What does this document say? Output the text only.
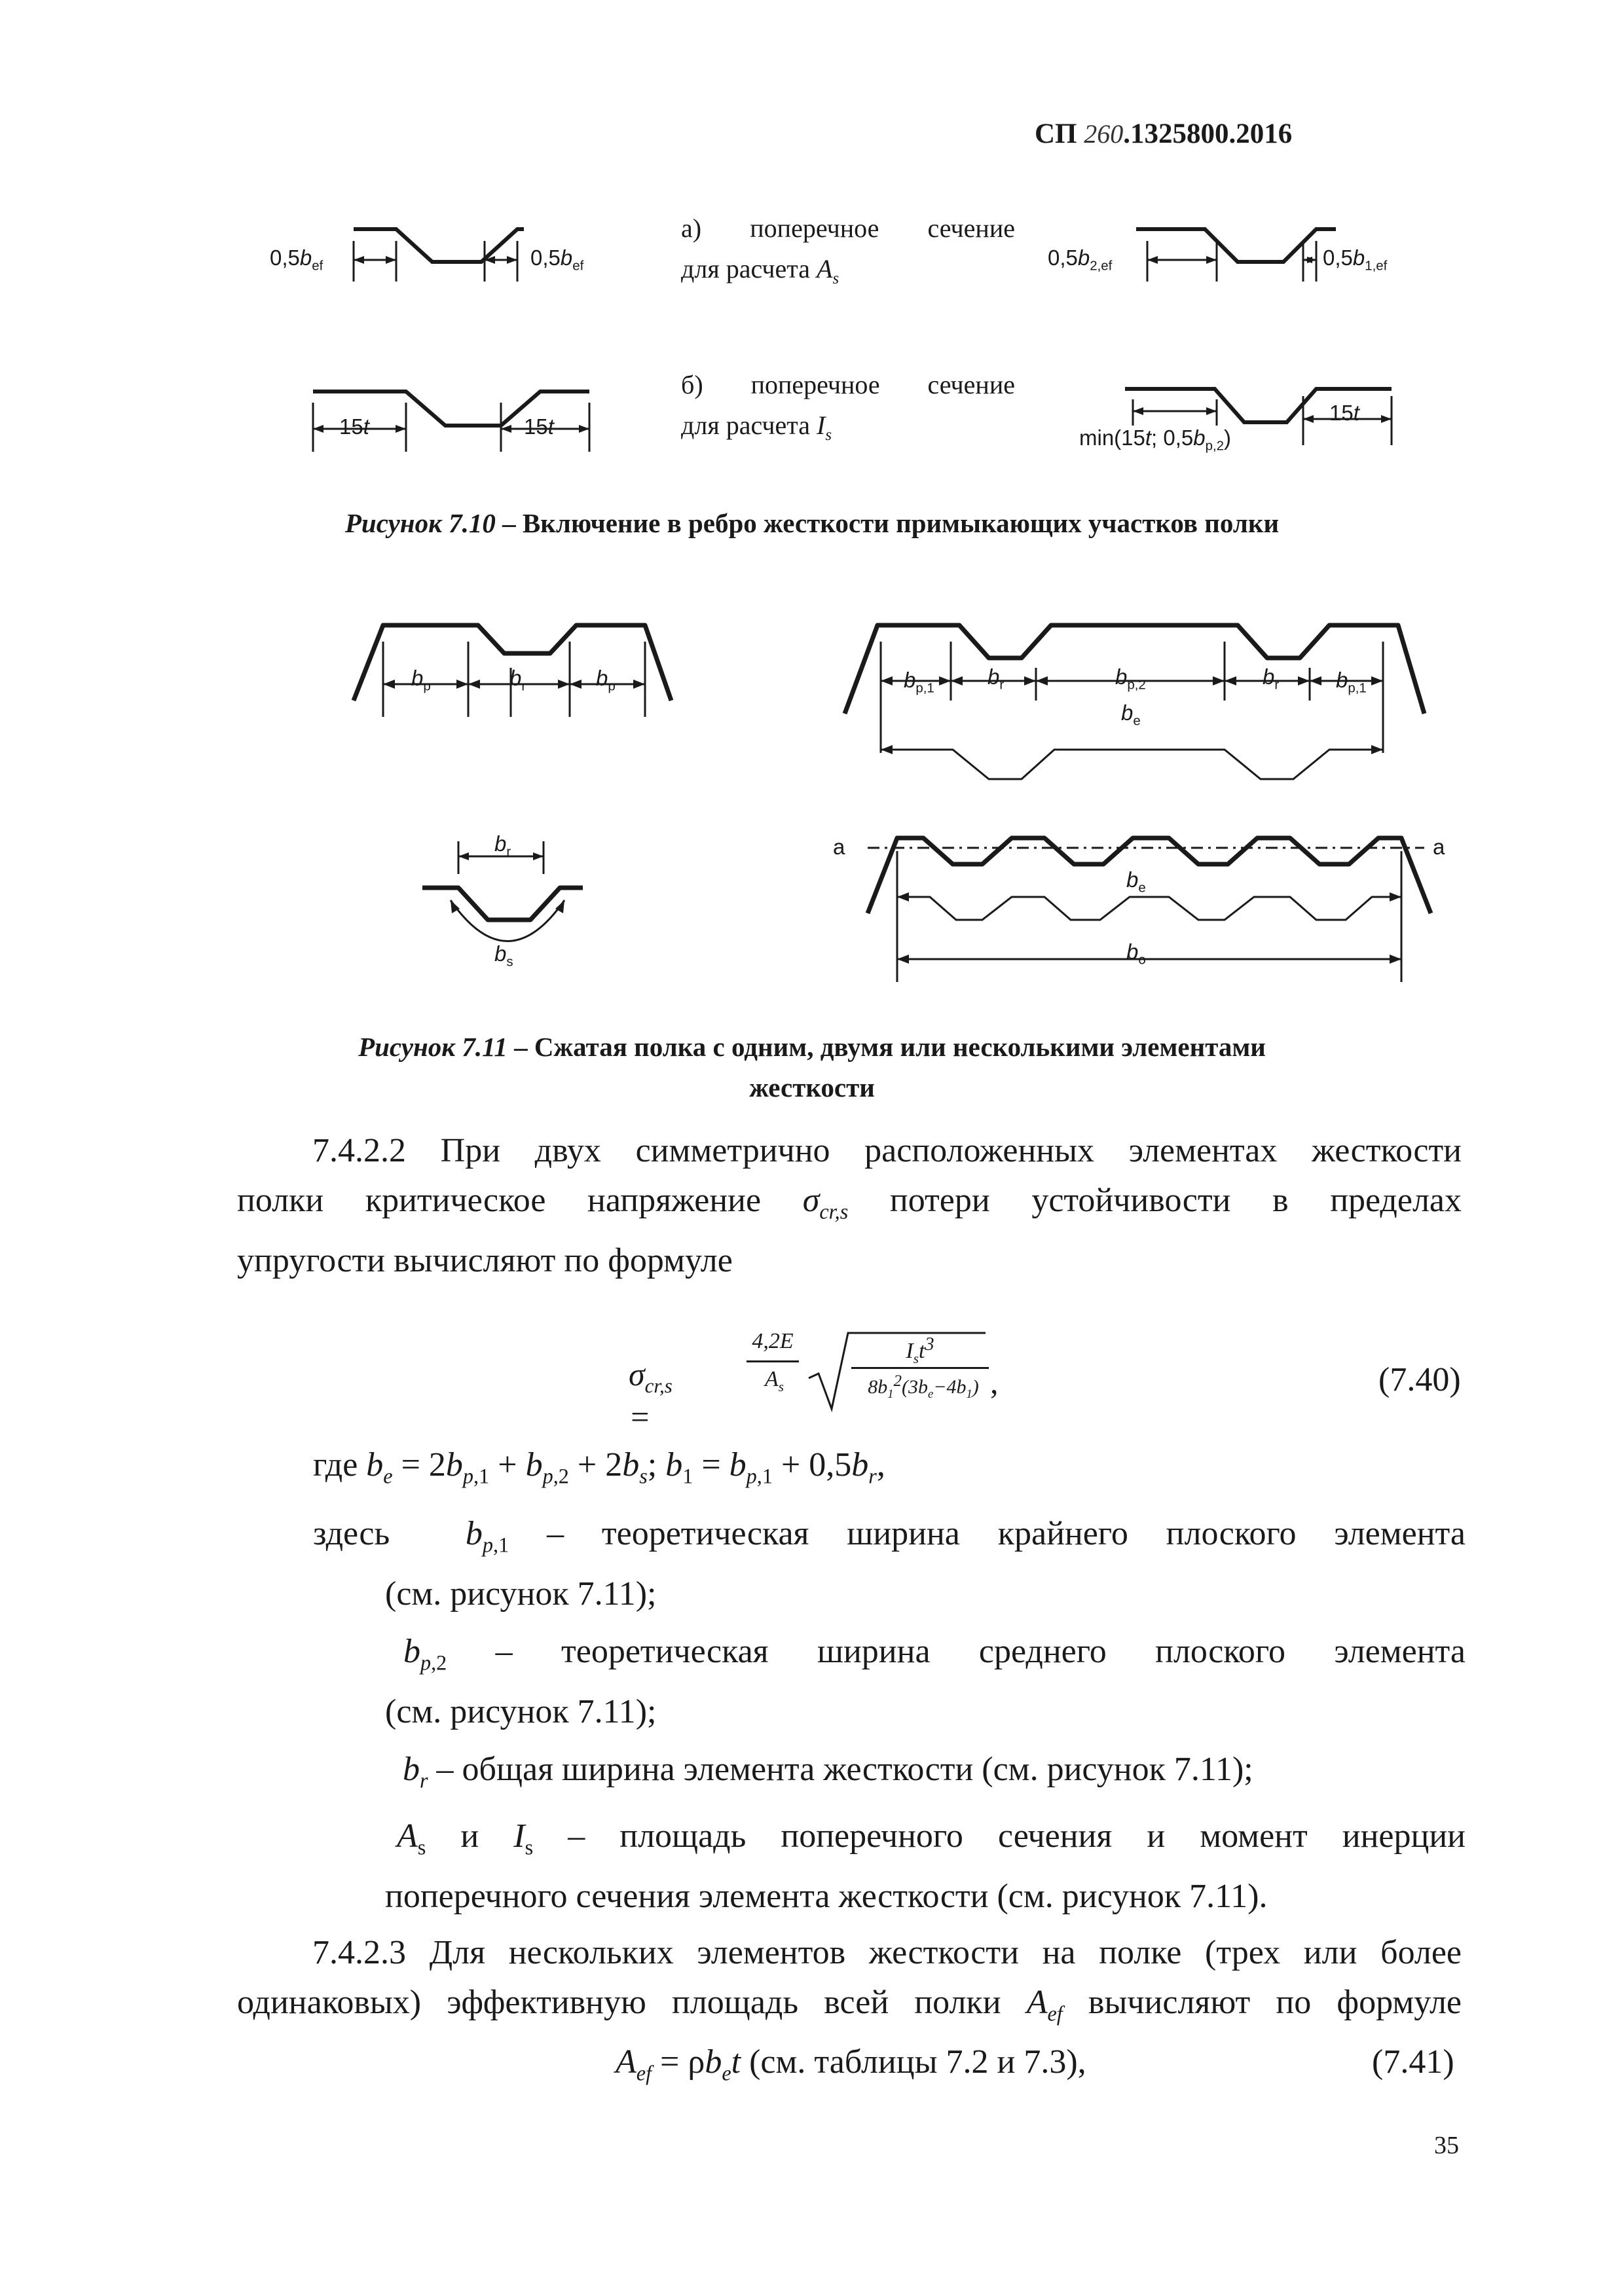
СП 260.1325800.2016
$0,5b_{ef}$	$0,5b_{ef}$	$0,5b_{2,ef}$	$0,5b_{1,ef}$
15t	15t	min(15t; $0,5b_{p,2}$)
15t
а) поперечное сечение
для расчета $A_s$
б) поперечное сечение
для расчета $I_s$
Рисунок 7.10 – Включение в ребро жесткости примыкающих участков полки
$b_p$	$b_r$	$b_p$	$b_{p,1}$ $b_r$	$b_{p,2}$	$b_r$	$b_{p,1}$
$b_e$
a	a
$b_e$
$b_o$
$b_r$
$b_s$
Рисунок 7.11 – Сжатая полка с одним, двумя или несколькими элементами
жесткости
7.4.2.2 При двух симметрично расположенных элементах жесткости
полки критическое напряжение $\sigma_{cr,s}$ потери устойчивости в пределах
упругости вычисляют по формуле
$\sigma_{cr,s}$ =
4,2E
$A_s$
$I_st^3$
$8b_1^2(3b_e-4b_1)$ ,	(7.40)
где $b_e = 2b_{p,1} + b_{p,2} + 2b_s$; $b_1 = b_{p,1} + 0,5b_r$,
здесь  $b_{p,1}$ – теоретическая ширина крайнего плоского элемента
(см. рисунок 7.11);
$b_{p,2}$ – теоретическая ширина среднего плоского элемента
(см. рисунок 7.11);
$b_r$ – общая ширина элемента жесткости (см. рисунок 7.11);
$A_s$ и $I_s$ – площадь поперечного сечения и момент инерции
поперечного сечения элемента жесткости (см. рисунок 7.11).
7.4.2.3 Для нескольких элементов жесткости на полке (трех или более
одинаковых) эффективную площадь всей полки $A_{ef}$ вычисляют по формуле
$A_{ef} = \rho b_et$ (см. таблицы 7.2 и 7.3),	(7.41)
35
